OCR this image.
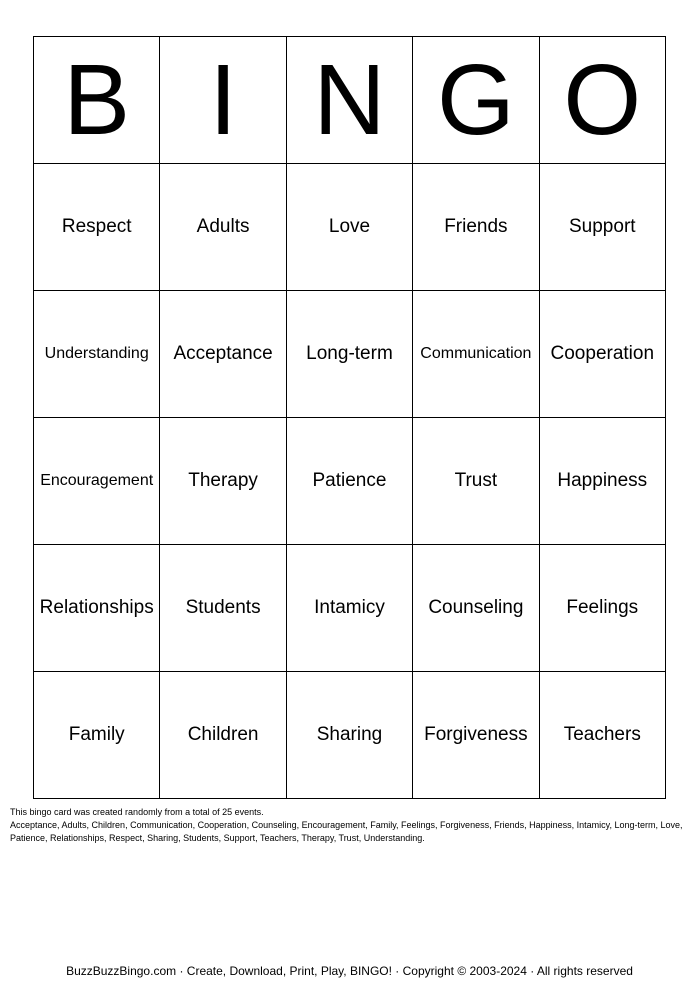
B	I	N	G	O
Respect	Adults	Love	Friends	Support
Understanding	Acceptance	Long-term	Communication	Cooperation
Encouragement	Therapy	Patience	Trust	Happiness
Relationships	Students	Intamicy	Counseling	Feelings
Family	Children	Sharing	Forgiveness	Teachers

This bingo card was created randomly from a total of 25 events.

Acceptance, Adults, Children, Communication, Cooperation, Counseling, Encouragement, Family, Feelings, Forgiveness, Friends, Happiness, Intamicy, Long-term, Love, Patience, Relationships, Respect, Sharing, Students, Support, Teachers, Therapy, Trust, Understanding.

BuzzBuzzBingo.com · Create, Download, Print, Play, BINGO! · Copyright © 2003-2024 · All rights reserved
